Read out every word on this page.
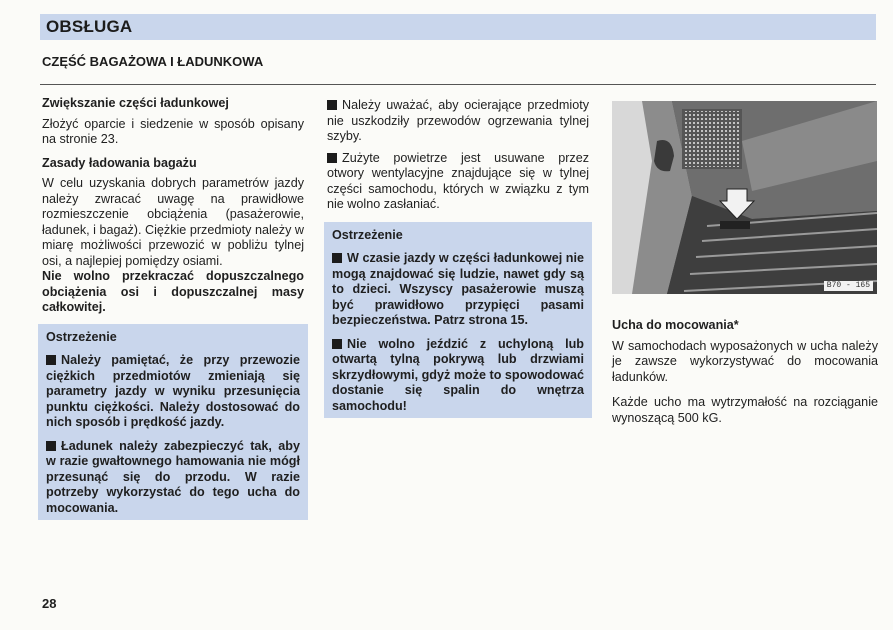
OBSŁUGA
CZĘŚĆ BAGAŻOWA I ŁADUNKOWA

Zwiększanie części ładunkowej

Złożyć oparcie i siedzenie w sposób opisany na stronie 23.

Zasady ładowania bagażu

W celu uzyskania dobrych parametrów jazdy należy zwracać uwagę na prawidłowe rozmieszczenie obciążenia (pasażerowie, ładunek, i bagaż). Ciężkie przedmioty należy w miarę możliwości przewozić w pobliżu tylnej osi, a najlepiej pomiędzy osiami.

Nie wolno przekraczać dopuszczalnego obciążenia osi i dopuszczalnej masy całkowitej.

Ostrzeżenie

Należy pamiętać, że przy przewozie ciężkich przedmiotów zmieniają się parametry jazdy w wyniku przesunięcia punktu ciężkości. Należy dostosować do nich sposób i prędkość jazdy.

Ładunek należy zabezpieczyć tak, aby w razie gwałtownego hamowania nie mógł przesunąć się do przodu. W razie potrzeby wykorzystać do tego ucha do mocowania.

Należy uważać, aby ocierające przedmioty nie uszkodziły przewodów ogrzewania tylnej szyby.

Zużyte powietrze jest usuwane przez otwory wentylacyjne znajdujące się w tylnej części samochodu, których w związku z tym nie wolno zasłaniać.

Ostrzeżenie

W czasie jazdy w części ładunkowej nie mogą znajdować się ludzie, nawet gdy są to dzieci. Wszyscy pasażerowie muszą być prawidłowo przypięci pasami bezpieczeństwa. Patrz strona 15.

Nie wolno jeździć z uchyloną lub otwartą tylną pokrywą lub drzwiami skrzydłowymi, gdyż może to spowodować dostanie się spalin do wnętrza samochodu!

B70 - 165

Ucha do mocowania*

W samochodach wyposażonych w ucha należy je zawsze wykorzystywać do mocowania ładunków.

Każde ucho ma wytrzymałość na rozciąganie wynoszącą 500 kG.

28
